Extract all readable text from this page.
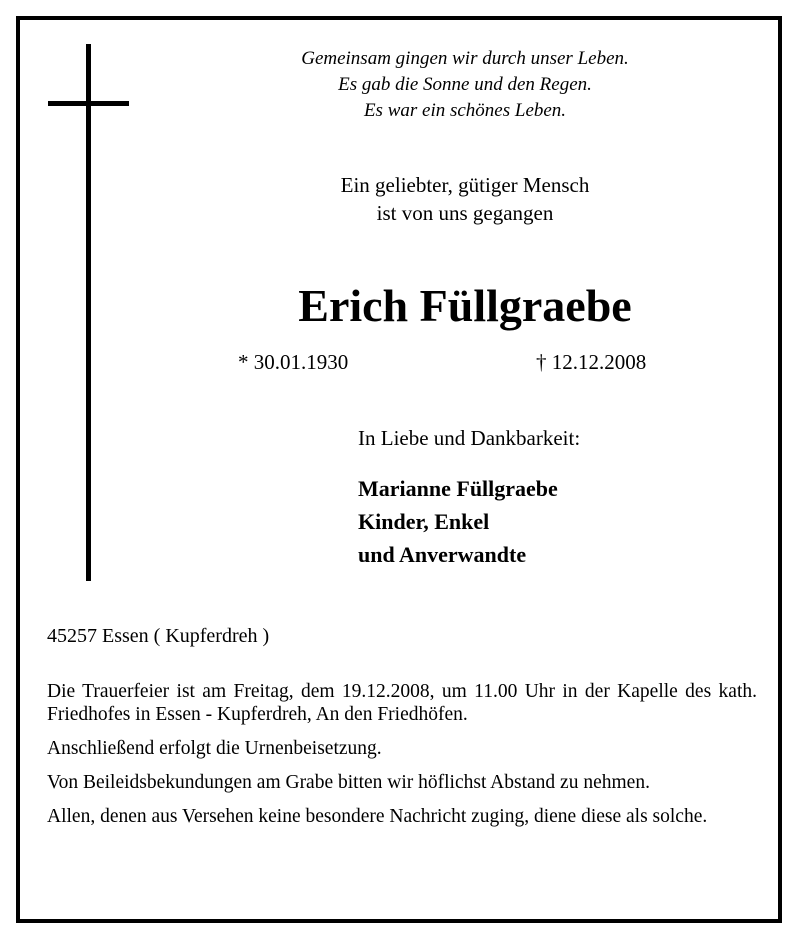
Gemeinsam gingen wir durch unser Leben.
Es gab die Sonne und den Regen.
Es war ein schönes Leben.
Ein geliebter, gütiger Mensch
ist von uns gegangen
Erich Füllgraebe
* 30.01.1930	† 12.12.2008
In Liebe und Dankbarkeit:
Marianne Füllgraebe
Kinder, Enkel
und Anverwandte
45257 Essen ( Kupferdreh )

Die Trauerfeier ist am Freitag, dem 19.12.2008, um 11.00 Uhr in der Kapelle des kath. Friedhofes in Essen - Kupferdreh, An den Friedhöfen.

Anschließend erfolgt die Urnenbeisetzung.

Von Beileidsbekundungen am Grabe bitten wir höflichst Abstand zu nehmen.

Allen, denen aus Versehen keine besondere Nachricht zuging, diene diese als solche.
